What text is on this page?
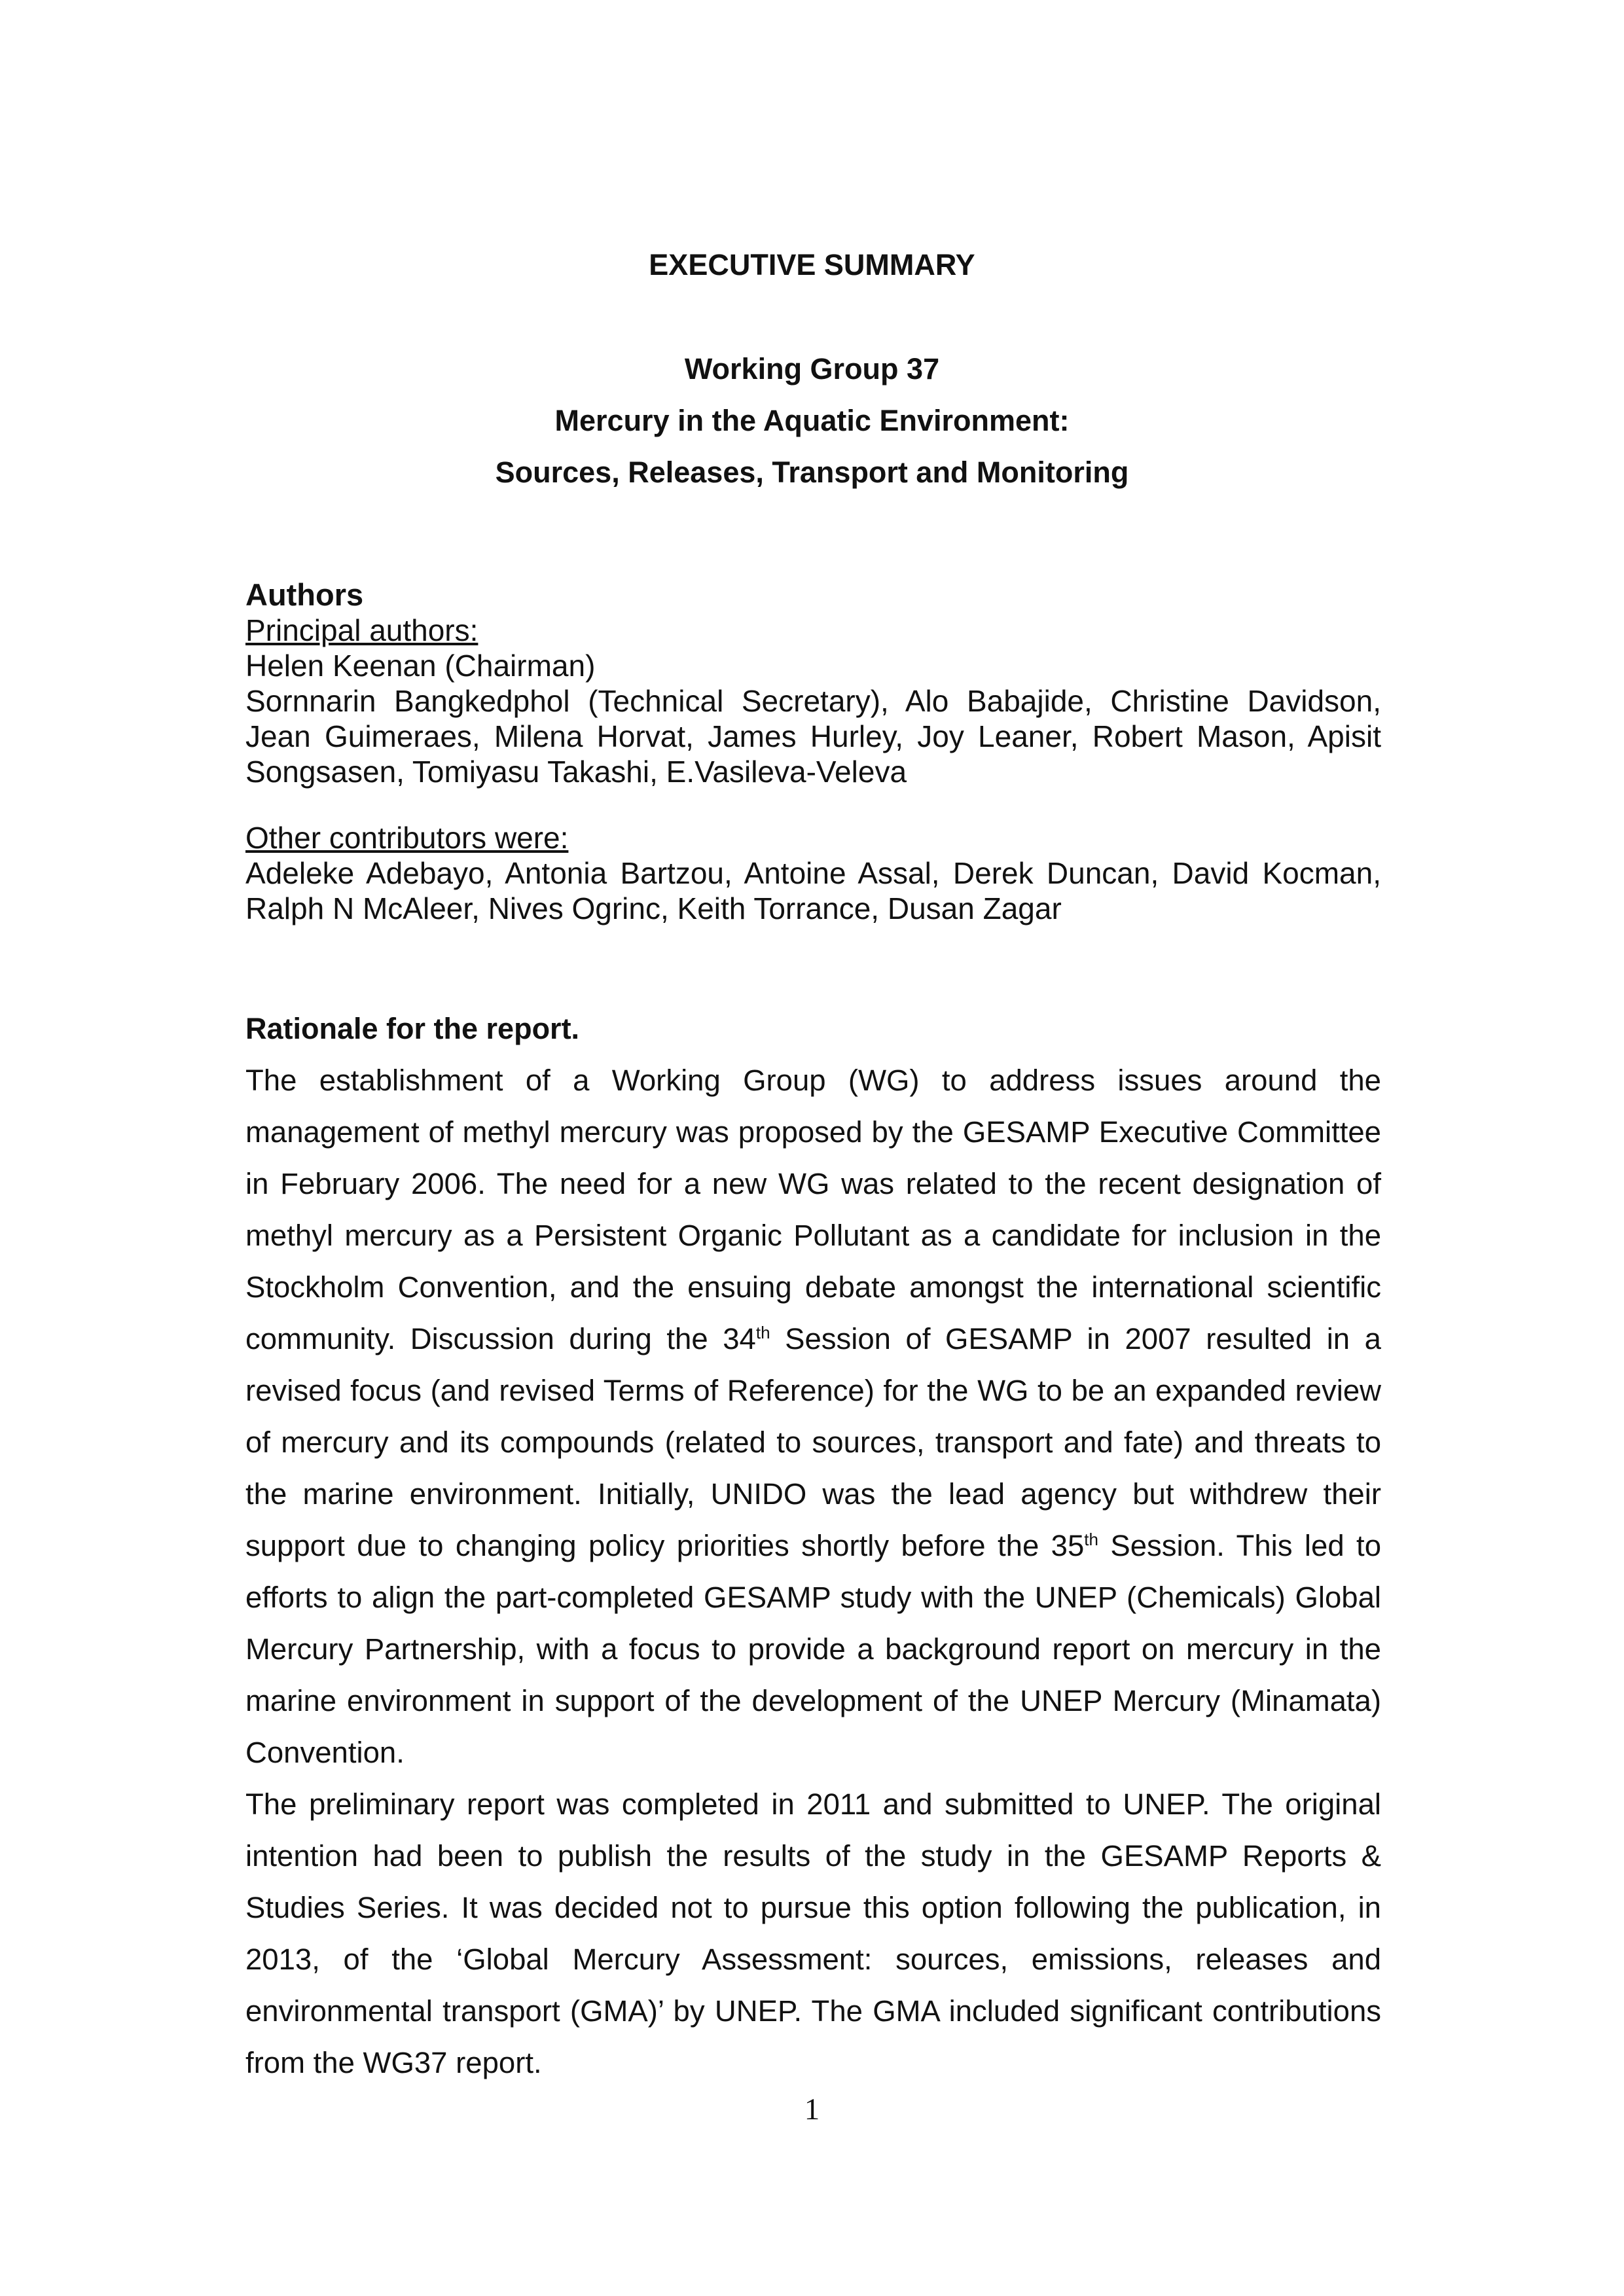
EXECUTIVE SUMMARY

Working Group 37

Mercury in the Aquatic Environment:

Sources, Releases, Transport and Monitoring

Authors

Principal authors:

Helen Keenan (Chairman)

Sornnarin Bangkedphol (Technical Secretary), Alo Babajide, Christine Davidson, Jean Guimeraes, Milena Horvat, James Hurley, Joy Leaner, Robert Mason, Apisit Songsasen, Tomiyasu Takashi, E.Vasileva-Veleva

Other contributors were:

Adeleke Adebayo, Antonia Bartzou, Antoine Assal, Derek Duncan, David Kocman, Ralph N McAleer, Nives Ogrinc, Keith Torrance, Dusan Zagar

Rationale for the report.

The establishment of a Working Group (WG) to address issues around the management of methyl mercury was proposed by the GESAMP Executive Committee in February 2006. The need for a new WG was related to the recent designation of methyl mercury as a Persistent Organic Pollutant as a candidate for inclusion in the Stockholm Convention, and the ensuing debate amongst the international scientific community. Discussion during the 34th Session of GESAMP in 2007 resulted in a revised focus (and revised Terms of Reference) for the WG to be an expanded review of mercury and its compounds (related to sources, transport and fate) and threats to the marine environment. Initially, UNIDO was the lead agency but withdrew their support due to changing policy priorities shortly before the 35th Session. This led to efforts to align the part-completed GESAMP study with the UNEP (Chemicals) Global Mercury Partnership, with a focus to provide a background report on mercury in the marine environment in support of the development of the UNEP Mercury (Minamata) Convention.

The preliminary report was completed in 2011 and submitted to UNEP. The original intention had been to publish the results of the study in the GESAMP Reports & Studies Series. It was decided not to pursue this option following the publication, in 2013, of the ‘Global Mercury Assessment: sources, emissions, releases and environmental transport (GMA)’ by UNEP. The GMA included significant contributions from the WG37 report.

1
